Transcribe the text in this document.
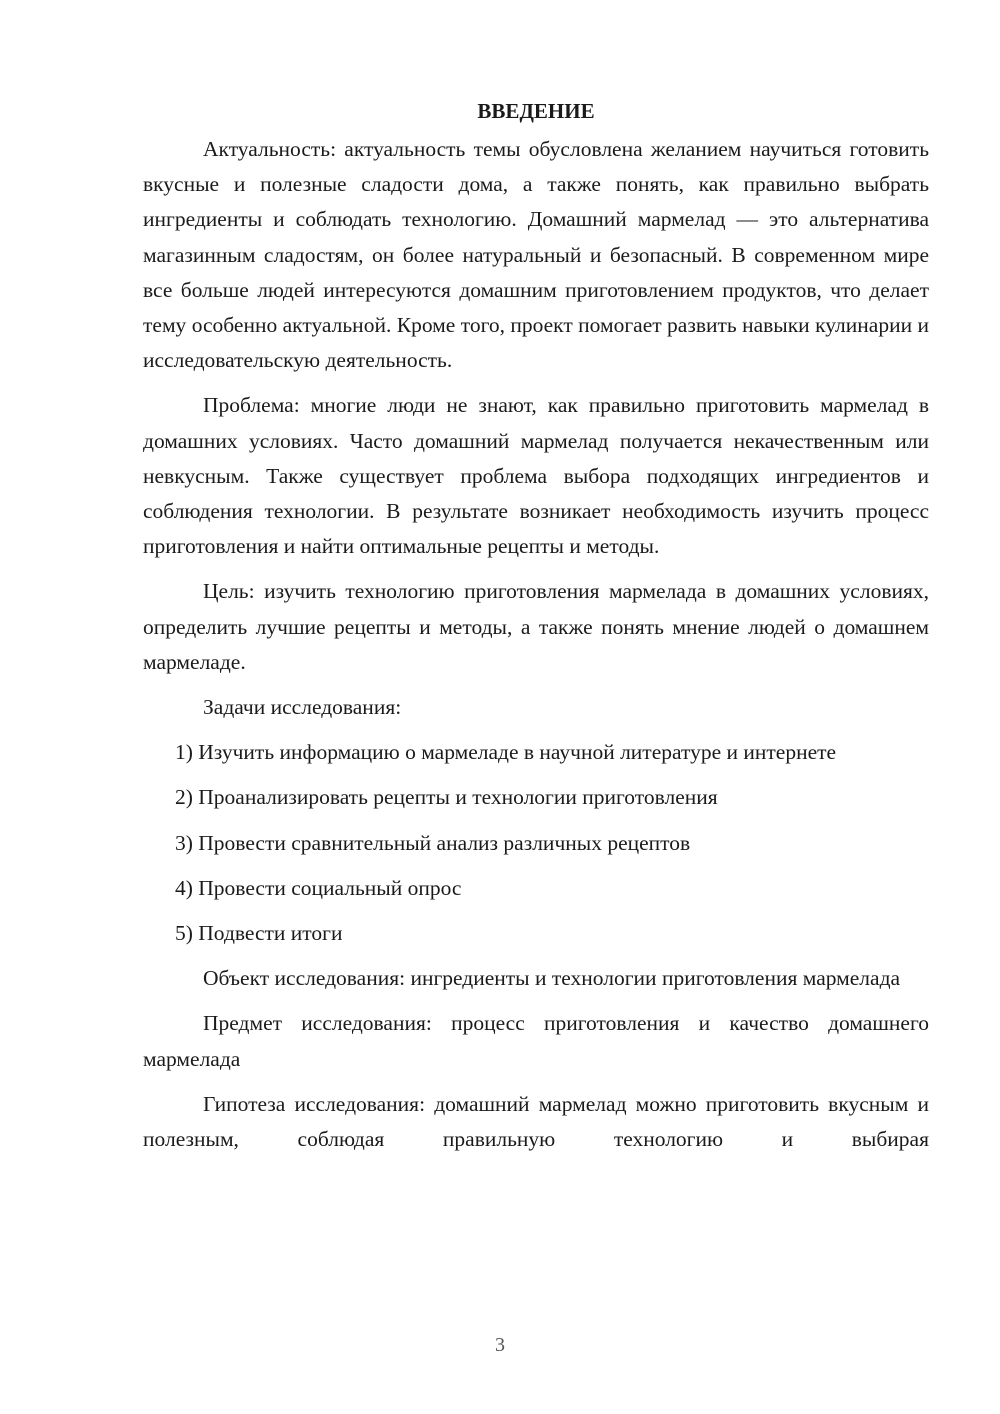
ВВЕДЕНИЕ

Актуальность: актуальность темы обусловлена желанием научиться готовить вкусные и полезные сладости дома, а также понять, как правильно выбрать ингредиенты и соблюдать технологию. Домашний мармелад — это альтернатива магазинным сладостям, он более натуральный и безопасный. В современном мире все больше людей интересуются домашним приготовлением продуктов, что делает тему особенно актуальной. Кроме того, проект помогает развить навыки кулинарии и исследовательскую деятельность.

Проблема: многие люди не знают, как правильно приготовить мармелад в домашних условиях. Часто домашний мармелад получается некачественным или невкусным. Также существует проблема выбора подходящих ингредиентов и соблюдения технологии. В результате возникает необходимость изучить процесс приготовления и найти оптимальные рецепты и методы.

Цель: изучить технологию приготовления мармелада в домашних условиях, определить лучшие рецепты и методы, а также понять мнение людей о домашнем мармеладе.

Задачи исследования:

1) Изучить информацию о мармеладе в научной литературе и интернете

2) Проанализировать рецепты и технологии приготовления

3) Провести сравнительный анализ различных рецептов

4) Провести социальный опрос

5) Подвести итоги

Объект исследования: ингредиенты и технологии приготовления мармелада

Предмет исследования: процесс приготовления и качество домашнего мармелада

Гипотеза исследования: домашний мармелад можно приготовить вкусным и полезным, соблюдая правильную технологию и выбирая

3
